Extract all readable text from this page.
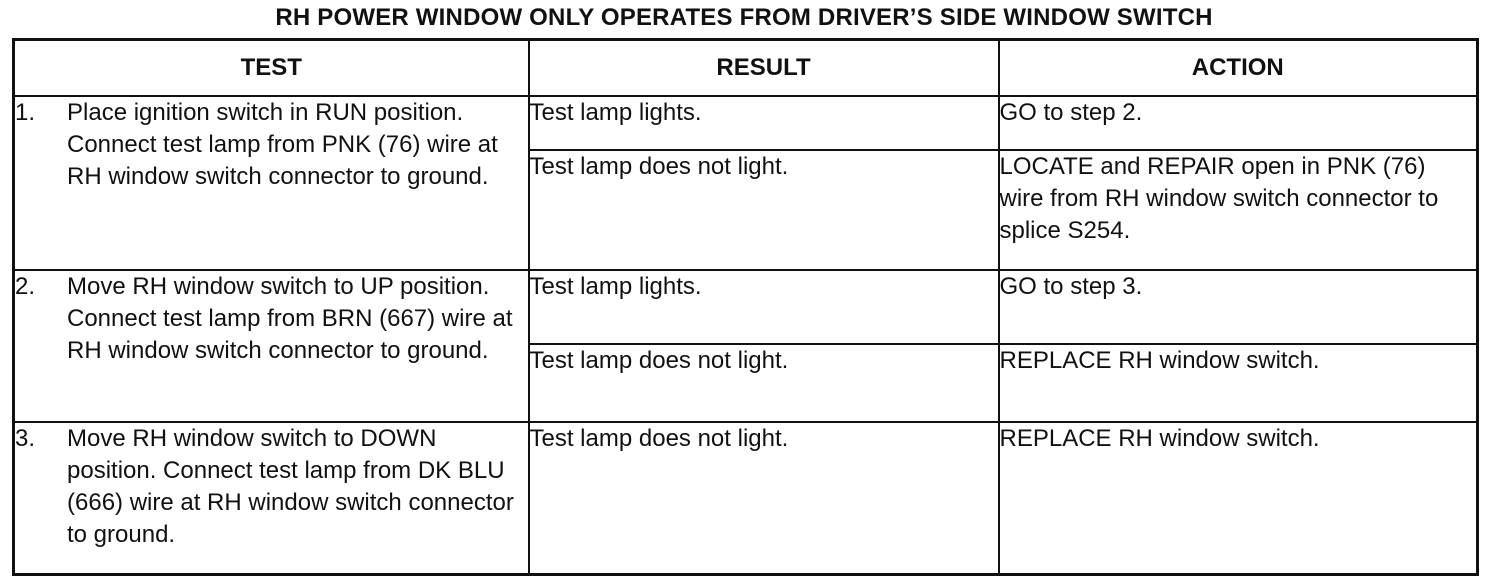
RH POWER WINDOW ONLY OPERATES FROM DRIVER’S SIDE WINDOW SWITCH
TEST	RESULT	ACTION

1. Place ignition switch in RUN position. Connect test lamp from PNK (76) wire at RH window switch connector to ground.	Test lamp lights.	GO to step 2.
	Test lamp does not light.	LOCATE and REPAIR open in PNK (76) wire from RH window switch connector to splice S254.

2. Move RH window switch to UP position. Connect test lamp from BRN (667) wire at RH window switch connector to ground.	Test lamp lights.	GO to step 3.
	Test lamp does not light.	REPLACE RH window switch.

3. Move RH window switch to DOWN position. Connect test lamp from DK BLU (666) wire at RH window switch connector to ground.	Test lamp does not light.	REPLACE RH window switch.
